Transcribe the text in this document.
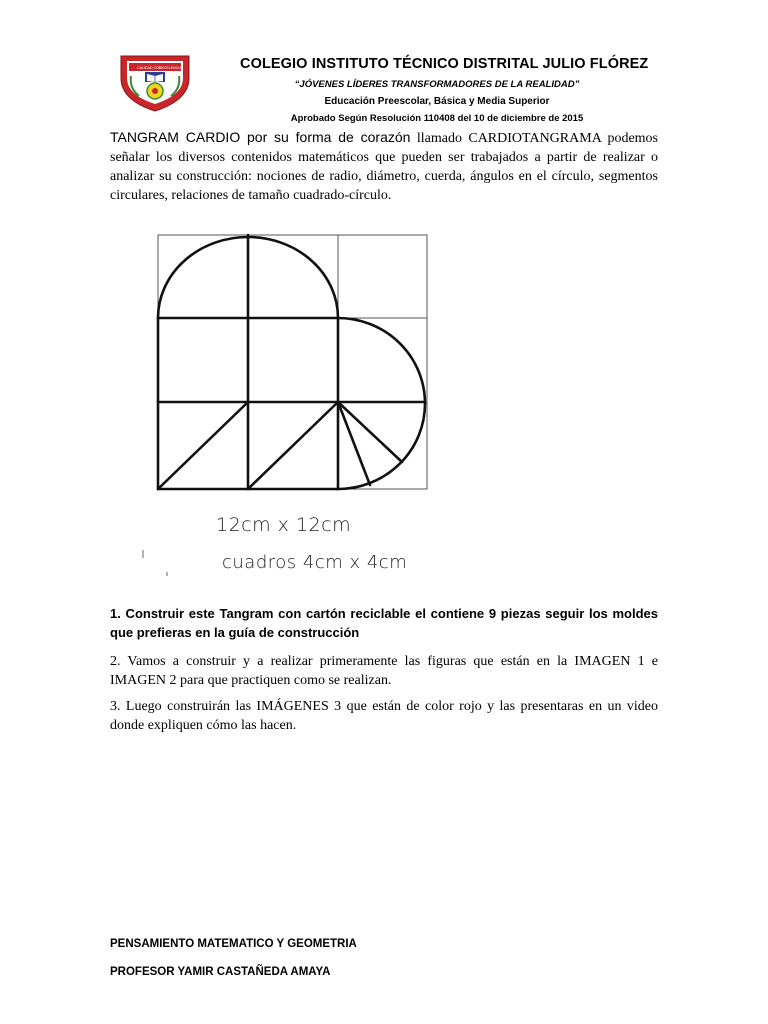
CALIDAD CON
EXCELENCIA	COLEGIO INSTITUTO TÉCNICO DISTRITAL JULIO FLÓREZ
“JÓVENES LÍDERES TRANSFORMADORES DE LA REALIDAD”
Educación Preescolar, Básica y Media Superior
Aprobado Según Resolución 110408 del 10 de diciembre de 2015
TANGRAM CARDIO por su forma de corazón llamado CARDIOTANGRAMA podemos señalar los diversos contenidos matemáticos que pueden ser trabajados a partir de realizar o analizar su construcción: nociones de radio, diámetro, cuerda, ángulos en el círculo, segmentos circulares, relaciones de tamaño cuadrado-círculo.
12cm x 12cm
cuadros 4cm x 4cm
1. Construir este Tangram con cartón reciclable el contiene 9 piezas seguir los moldes que prefieras en la guía de construcción
2. Vamos a construir y a realizar primeramente las figuras que están en la IMAGEN 1 e IMAGEN 2 para que practiquen como se realizan.
3. Luego construirán las IMÁGENES 3 que están de color rojo y las presentaras en un video donde expliquen cómo las hacen.
PENSAMIENTO MATEMATICO Y GEOMETRIA
PROFESOR YAMIR CASTAÑEDA AMAYA
